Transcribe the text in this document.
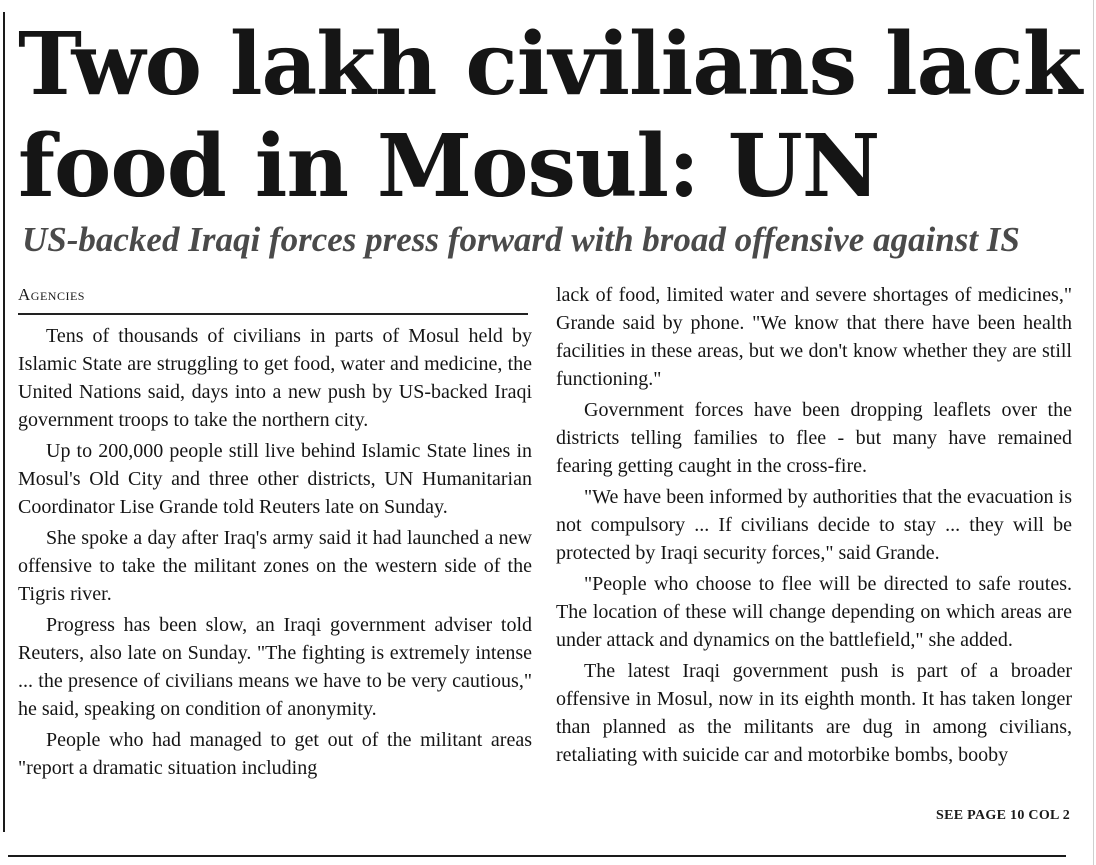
Two lakh civilians lack
food in Mosul: UN
US-backed Iraqi forces press forward with broad offensive against IS
Agencies

Tens of thousands of civilians in parts of Mosul held by Islamic State are struggling to get food, water and medicine, the United Nations said, days into a new push by US-backed Iraqi government troops to take the northern city.

Up to 200,000 people still live behind Islamic State lines in Mosul's Old City and three other districts, UN Humanitarian Coordinator Lise Grande told Reuters late on Sunday.

She spoke a day after Iraq's army said it had launched a new offensive to take the militant zones on the western side of the Tigris river.

Progress has been slow, an Iraqi government adviser told Reuters, also late on Sunday. "The fighting is extremely intense ... the presence of civilians means we have to be very cautious," he said, speaking on condition of anonymity.

People who had managed to get out of the militant areas "report a dramatic situation including

lack of food, limited water and severe shortages of medicines," Grande said by phone. "We know that there have been health facilities in these areas, but we don't know whether they are still functioning."

Government forces have been dropping leaflets over the districts telling families to flee - but many have remained fearing getting caught in the cross-fire.

"We have been informed by authorities that the evacuation is not compulsory ... If civilians decide to stay ... they will be protected by Iraqi security forces," said Grande.

"People who choose to flee will be directed to safe routes. The location of these will change depending on which areas are under attack and dynamics on the battlefield," she added.

The latest Iraqi government push is part of a broader offensive in Mosul, now in its eighth month. It has taken longer than planned as the militants are dug in among civilians, retaliating with suicide car and motorbike bombs, booby

SEE PAGE 10 COL 2
